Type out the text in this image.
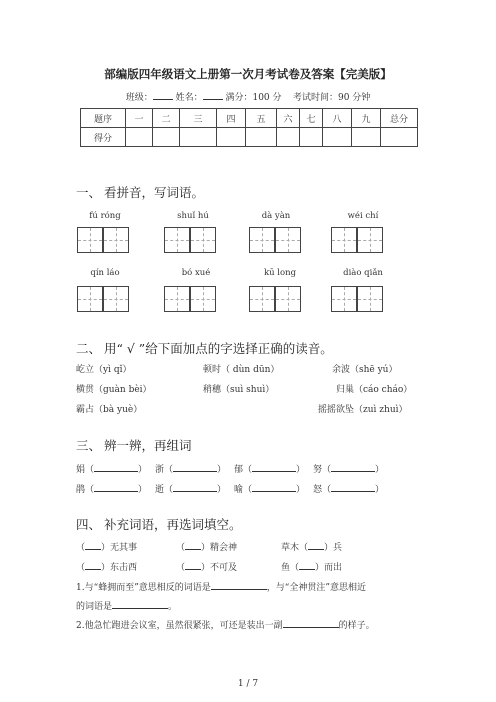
部编版四年级语文上册第一次月考试卷及答案【完美版】
班级：	姓名：	满分：100 分 考试时间：90 分钟
题序	一	二	三	四	五	六	七	八	九	总分
得分										
一、 看拼音，写词语。
fú róng	shuǐ hú	dà yàn	wéi chí
qín láo	bó xué	kū long	diào qiǎn
二、 用“ √ ”给下面加点的字选择正确的读音。
屹立（yì qǐ）	顿时（ dùn dūn）	余波（shē yú）
横贯（guàn bèi）	稍穗（suì shuì）	归巢（cáo cháo）
霸占（bà yuè）	摇摇欲坠（zuì zhuì）
三、 辨一辨，再组词
娟（	） 浙（	） 郁（	） 努（	）
鹃（	） 逝（	） 喻（	） 怒（	）
四、 补充词语，再选词填空。
（ ）无其事	（ ）精会神	草木（ ）兵
（ ）东击西	（ ）不可及	鱼（ ）而出
1.与“蜂拥而至”意思相反的词语是	，与“全神贯注”意思相近
的词语是	。
2.他急忙跑进会议室，虽然很紧张，可还是装出一副	的样子。
1 / 7
